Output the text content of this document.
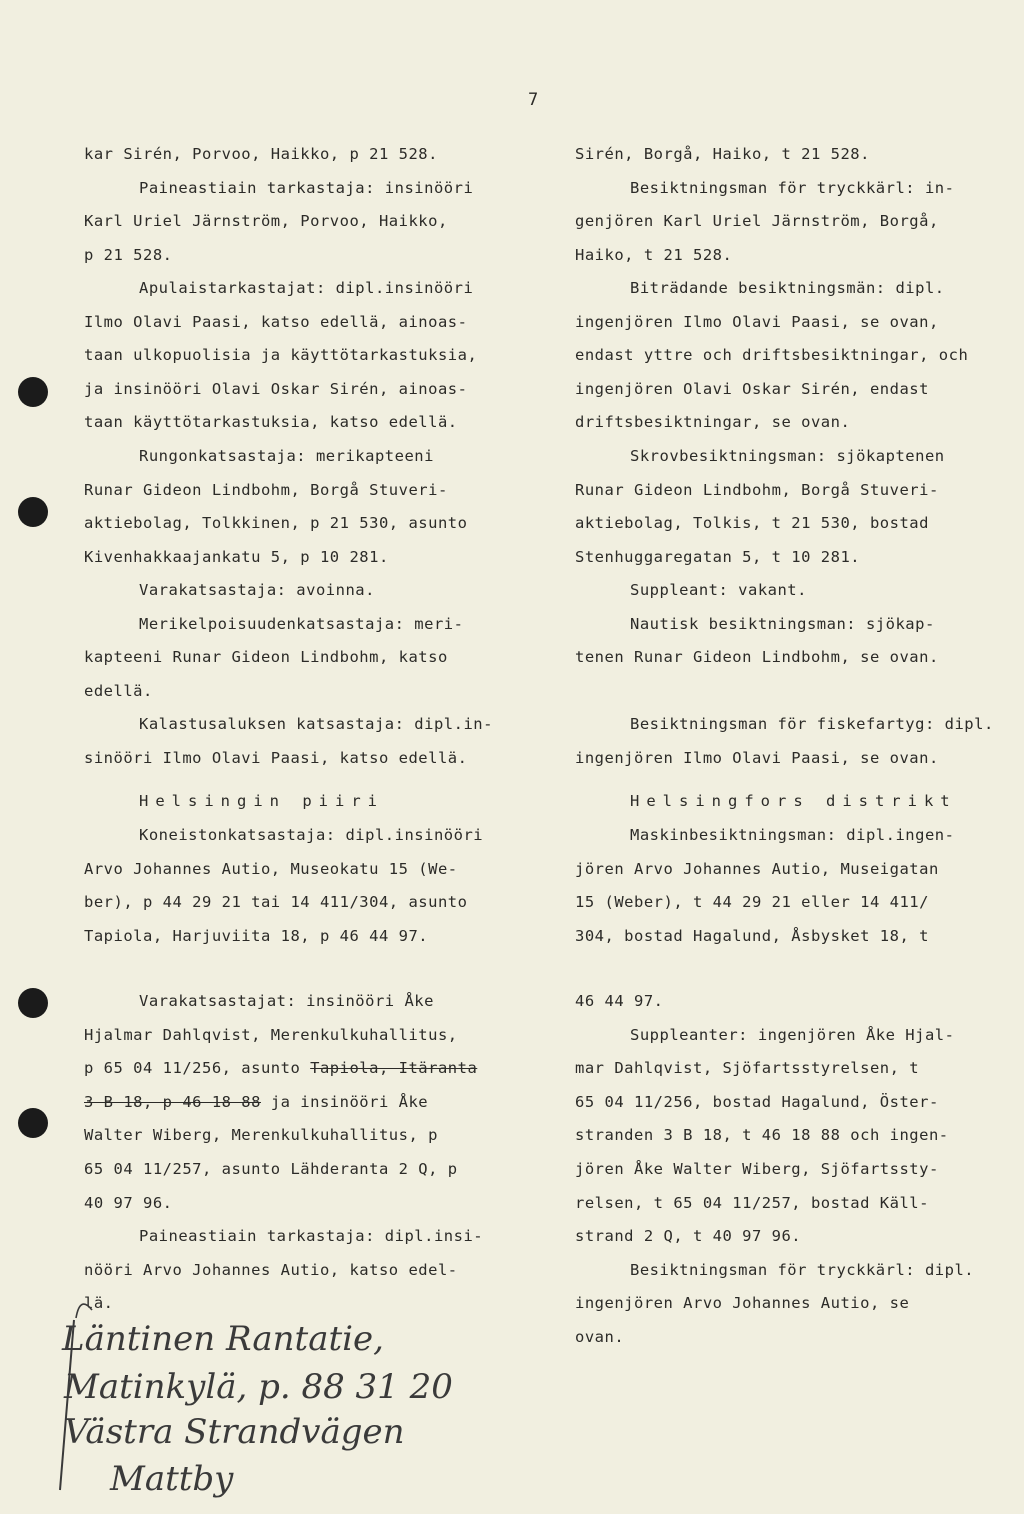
7
kar Sirén, Porvoo, Haikko, p 21 528.
Paineastiain tarkastaja: insinööri
Karl Uriel Järnström, Porvoo, Haikko,
p 21 528.
Apulaistarkastajat: dipl.insinööri
Ilmo Olavi Paasi, katso edellä, ainoas-
taan ulkopuolisia ja käyttötarkastuksia,
ja insinööri Olavi Oskar Sirén, ainoas-
taan käyttötarkastuksia, katso edellä.
Rungonkatsastaja: merikapteeni
Runar Gideon Lindbohm, Borgå Stuveri-
aktiebolag, Tolkkinen, p 21 530, asunto
Kivenhakkaajankatu 5, p 10 281.
Varakatsastaja: avoinna.
Merikelpoisuudenkatsastaja: meri-
kapteeni Runar Gideon Lindbohm, katso
edellä.
Kalastusaluksen katsastaja: dipl.in-
sinööri Ilmo Olavi Paasi, katso edellä.
Helsingin piiri
Koneistonkatsastaja: dipl.insinööri
Arvo Johannes Autio, Museokatu 15 (We-
ber), p 44 29 21 tai 14 411/304, asunto
Tapiola, Harjuviita 18, p 46 44 97.
Varakatsastajat: insinööri Åke
Hjalmar Dahlqvist, Merenkulkuhallitus,
p 65 04 11/256, asunto Tapiola, Itäranta
3 B 18, p 46 18 88 ja insinööri Åke
Walter Wiberg, Merenkulkuhallitus, p
65 04 11/257, asunto Lähderanta 2 Q, p
40 97 96.
Paineastiain tarkastaja: dipl.insi-
nööri Arvo Johannes Autio, katso edel-
lä.
Sirén, Borgå, Haiko, t 21 528.
Besiktningsman för tryckkärl: in-
genjören Karl Uriel Järnström, Borgå,
Haiko, t 21 528.
Biträdande besiktningsmän: dipl.
ingenjören Ilmo Olavi Paasi, se ovan,
endast yttre och driftsbesiktningar, och
ingenjören Olavi Oskar Sirén, endast
driftsbesiktningar, se ovan.
Skrovbesiktningsman: sjökaptenen
Runar Gideon Lindbohm, Borgå Stuveri-
aktiebolag, Tolkis, t 21 530, bostad
Stenhuggaregatan 5, t 10 281.
Suppleant: vakant.
Nautisk besiktningsman: sjökap-
tenen Runar Gideon Lindbohm, se ovan.
Besiktningsman för fiskefartyg: dipl.
ingenjören Ilmo Olavi Paasi, se ovan.
Helsingfors distrikt
Maskinbesiktningsman: dipl.ingen-
jören Arvo Johannes Autio, Museigatan
15 (Weber), t 44 29 21 eller 14 411/
304, bostad Hagalund, Åsbysket 18, t
46 44 97.
Suppleanter: ingenjören Åke Hjal-
mar Dahlqvist, Sjöfartsstyrelsen, t
65 04 11/256, bostad Hagalund, Öster-
stranden 3 B 18, t 46 18 88 och ingen-
jören Åke Walter Wiberg, Sjöfartssty-
relsen, t 65 04 11/257, bostad Käll-
strand 2 Q, t 40 97 96.
Besiktningsman för tryckkärl: dipl.
ingenjören Arvo Johannes Autio, se
ovan.
Läntinen Rantatie,
Matinkylä, p. 88 31 20
Västra Strandvägen
Mattby
